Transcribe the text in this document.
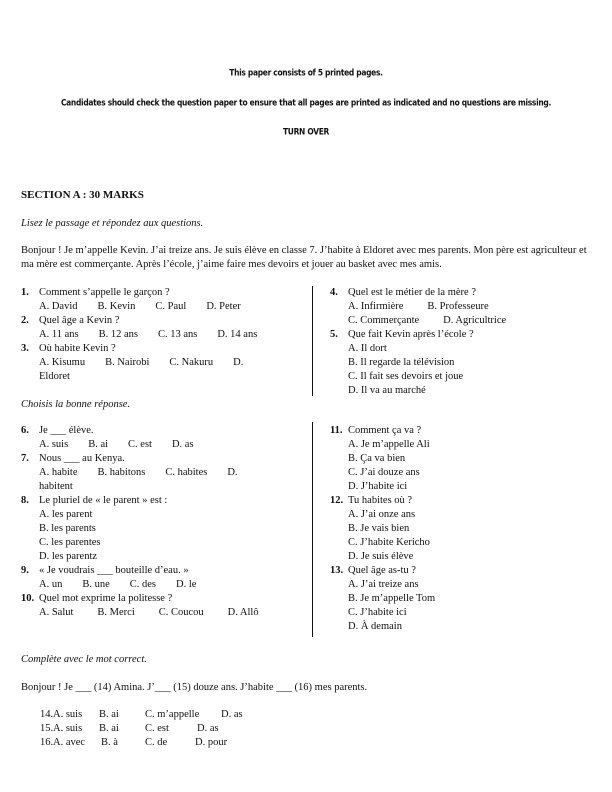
This paper consists of 5 printed pages.
Candidates should check the question paper to ensure that all pages are printed as indicated and no questions are missing.
TURN OVER
SECTION A : 30 MARKS
Lisez le passage et répondez aux questions.
Bonjour ! Je m’appelle Kevin. J’ai treize ans. Je suis élève en classe 7. J’habite à Eldoret avec mes parents. Mon père est agriculteur et ma mère est commerçante. Après l’école, j’aime faire mes devoirs et jouer au basket avec mes amis.
1. Comment s’appelle le garçon ?
A. David B. Kevin C. Paul D. Peter
2. Quel âge a Kevin ?
A. 11 ans B. 12 ans C. 13 ans D. 14 ans
3. Où habite Kevin ?
A. Kisumu B. Nairobi C. Nakuru D.
Eldoret
4. Quel est le métier de la mère ?
A. Infirmière B. Professeure
C. Commerçante D. Agricultrice
5. Que fait Kevin après l’école ?
A. Il dort
B. Il regarde la télévision
C. Il fait ses devoirs et joue
D. Il va au marché
Choisis la bonne réponse.
6. Je ___ élève.
A. suis B. ai C. est D. as
7. Nous ___ au Kenya.
A. habite B. habitons C. habites D.
habitent
8. Le pluriel de « le parent » est :
A. les parent
B. les parents
C. les parentes
D. les parentz
9. « Je voudrais ___ bouteille d’eau. »
A. un B. une C. des D. le
10. Quel mot exprime la politesse ?
A. Salut B. Merci C. Coucou D. Allô
11. Comment ça va ?
A. Je m’appelle Ali
B. Ça va bien
C. J’ai douze ans
D. J’habite ici
12. Tu habites où ?
A. J’ai onze ans
B. Je vais bien
C. J’habite Kericho
D. Je suis élève
13. Quel âge as-tu ?
A. J’ai treize ans
B. Je m’appelle Tom
C. J’habite ici
D. À demain
Complète avec le mot correct.
Bonjour ! Je ___ (14) Amina. J’___ (15) douze ans. J’habite ___ (16) mes parents.
14. A. suis	B. ai	C. m’appelle	D. as
15. A. suis	B. ai	C. est	D. as
16. A. avec	B. à	C. de	D. pour
